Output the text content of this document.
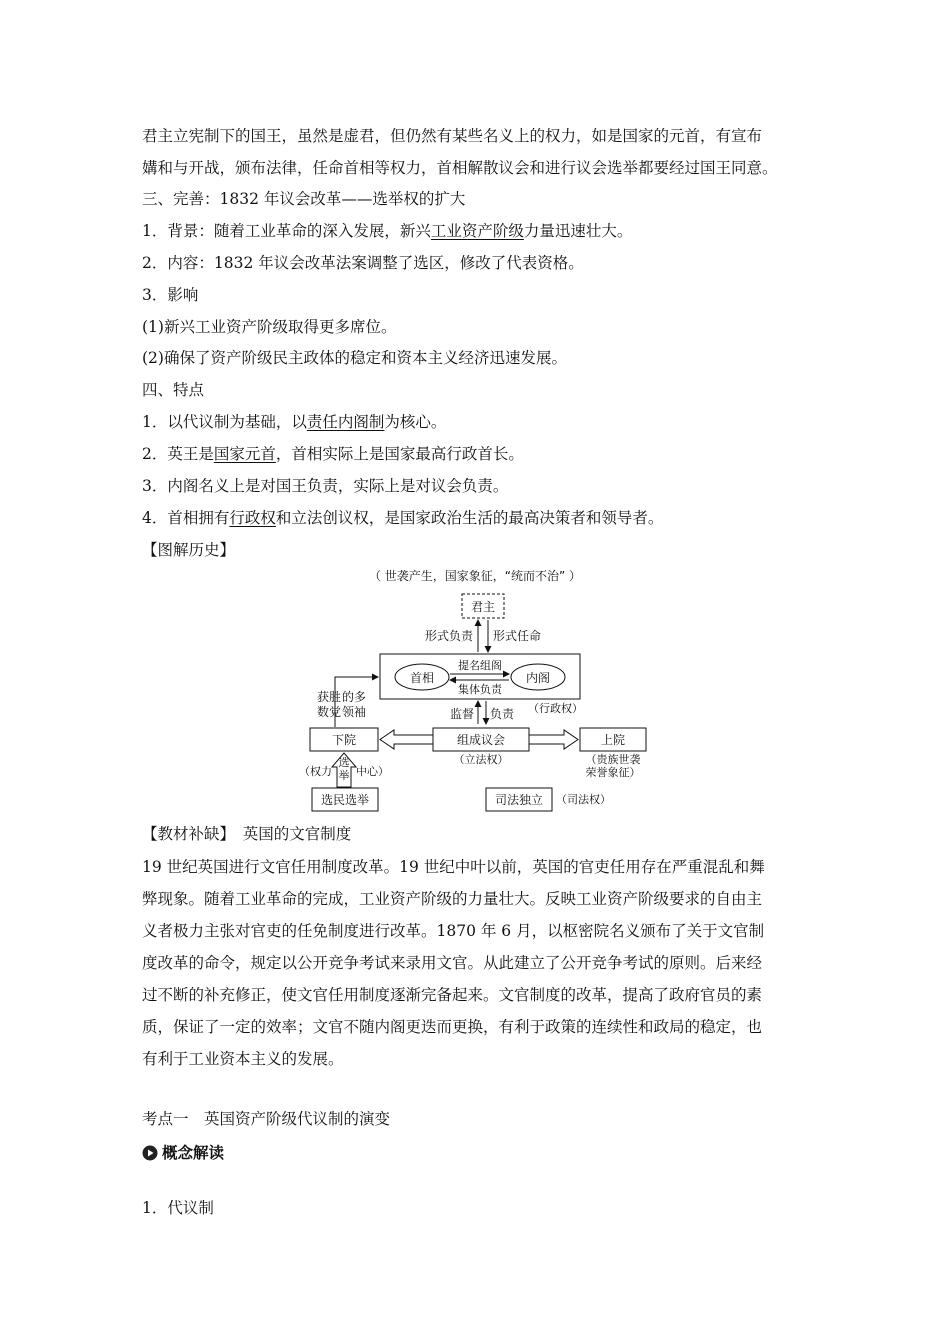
君主立宪制下的国王，虽然是虚君，但仍然有某些名义上的权力，如是国家的元首，有宣布
媾和与开战，颁布法律，任命首相等权力，首相解散议会和进行议会选举都要经过国王同意。
三、完善：1832 年议会改革——选举权的扩大
1．背景：随着工业革命的深入发展，新兴工业资产阶级力量迅速壮大。
2．内容：1832 年议会改革法案调整了选区，修改了代表资格。
3．影响
(1)新兴工业资产阶级取得更多席位。
(2)确保了资产阶级民主政体的稳定和资本主义经济迅速发展。
四、特点
1．以代议制为基础，以责任内阁制为核心。
2．英王是国家元首，首相实际上是国家最高行政首长。
3．内阁名义上是对国王负责，实际上是对议会负责。
4．首相拥有行政权和立法创议权，是国家政治生活的最高决策者和领导者。
【图解历史】
（ 世袭产生，国家象征，“统而不治” ）
君主
形式负责 形式任命
首相	内阁
提名组阁
集体负责
（行政权）
监督 负责
获胜
数党
的多
领袖
下院	组成议会	上院
（立法权）	（贵族世袭
荣誉象征）
选
举
（权力 中心）
选民选举	司法独立 （司法权）
【教材补缺】　英国的文官制度
19 世纪英国进行文官任用制度改革。19 世纪中叶以前，英国的官吏任用存在严重混乱和舞
弊现象。随着工业革命的完成，工业资产阶级的力量壮大。反映工业资产阶级要求的自由主
义者极力主张对官吏的任免制度进行改革。1870 年 6 月，以枢密院名义颁布了关于文官制
度改革的命令，规定以公开竞争考试来录用文官。从此建立了公开竞争考试的原则。后来经
过不断的补充修正，使文官任用制度逐渐完备起来。文官制度的改革，提高了政府官员的素
质，保证了一定的效率；文官不随内阁更迭而更换，有利于政策的连续性和政局的稳定，也
有利于工业资本主义的发展。
考点一　英国资产阶级代议制的演变
概念解读
1．代议制
